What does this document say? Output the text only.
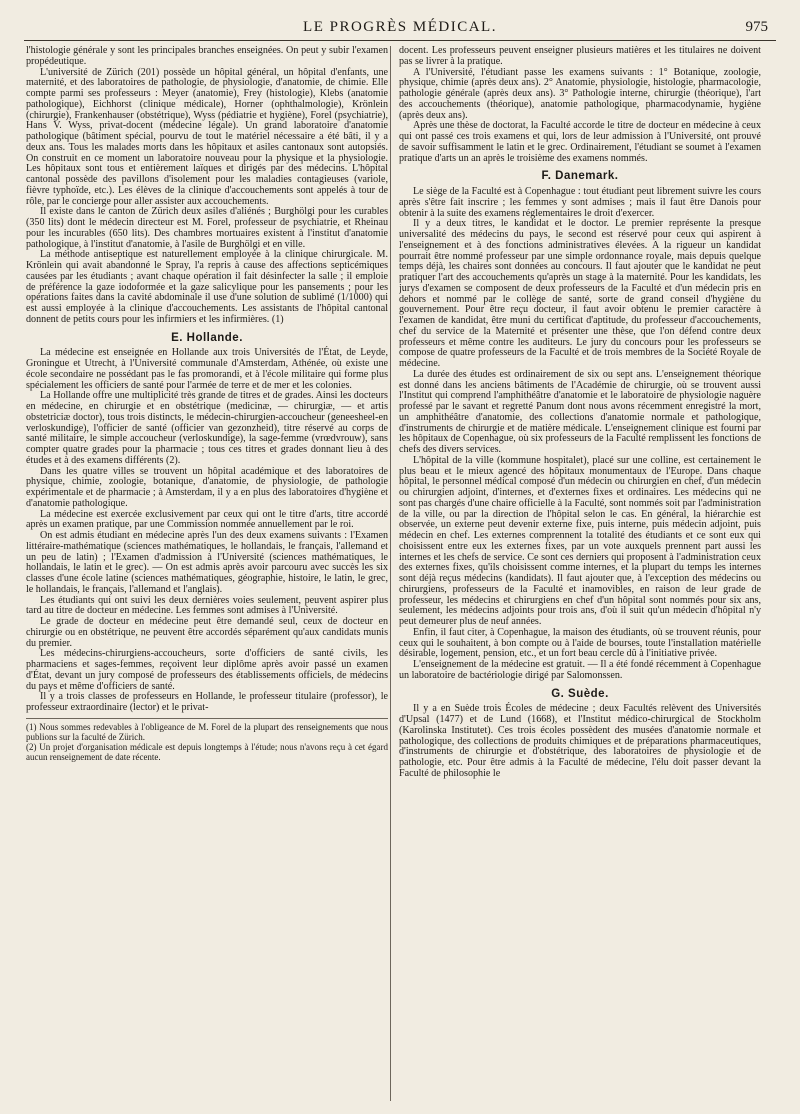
LE PROGRÈS MÉDICAL.	975

l'histologie générale y sont les principales branches enseignées. On peut y subir l'examen propédeutique.

L'université de Zürich (201) possède un hôpital général, un hôpital d'enfants, une maternité, et des laboratoires de pathologie, de physiologie, d'anatomie, de chimie. Elle compte parmi ses professeurs : Meyer (anatomie), Frey (histologie), Klebs (anatomie pathologique), Eichhorst (clinique médicale), Horner (ophthalmologie), Krönlein (chirurgie), Frankenhauser (obstétrique), Wyss (pédiatrie et hygiène), Forel (psychiatrie), Hans V. Wyss, privat-docent (médecine légale). Un grand laboratoire d'anatomie pathologique (bâtiment spécial, pourvu de tout le matériel nécessaire a été bâti, il y a deux ans. Tous les malades morts dans les hôpitaux et asiles cantonaux sont autopsiés. On construit en ce moment un laboratoire nouveau pour la physique et la physiologie. Les hôpitaux sont tous et entièrement laïques et dirigés par des médecins. L'hôpital cantonal possède des pavillons d'isolement pour les maladies contagieuses (variole, fièvre typhoïde, etc.). Les élèves de la clinique d'accouchements sont appelés à tour de rôle, par le concierge pour aller assister aux accouchements.

Il existe dans le canton de Zürich deux asiles d'aliénés ; Burghölgi pour les curables (350 lits) dont le médecin directeur est M. Forel, professeur de psychiatrie, et Rheinau pour les incurables (650 lits). Des chambres mortuaires existent à l'institut d'anatomie pathologique, à l'institut d'anatomie, à l'asile de Burghölgi et en ville.

La méthode antiseptique est naturellement employée à la clinique chirurgicale. M. Krönlein qui avait abandonné le Spray, l'a repris à cause des affections septicémiques causées par les étudiants ; avant chaque opération il fait désinfecter la salle ; il emploie de préférence la gaze iodoformée et la gaze salicylique pour les pansements ; pour les opérations faites dans la cavité abdominale il use d'une solution de sublimé (1/1000) qui est aussi employée à la clinique d'accouchements. Les assistants de l'hôpital cantonal donnent de petits cours pour les infirmiers et les infirmières. (1)

E. Hollande.

La médecine est enseignée en Hollande aux trois Universités de l'État, de Leyde, Groningue et Utrecht, à l'Université communale d'Amsterdam, Athénée, où existe une école secondaire ne possédant pas le fas promorandi, et à l'école militaire qui forme plus spécialement les officiers de santé pour l'armée de terre et de mer et les colonies.

La Hollande offre une multiplicité très grande de titres et de grades. Ainsi les docteurs en médecine, en chirurgie et en obstétrique (medicinæ, — chirurgiæ, — et artis obstetriciæ doctor), tous trois distincts, le médecin-chirurgien-accoucheur (geneesheel-en verloskundige), l'officier de santé (officier van gezonzheid), titre réservé au corps de santé militaire, le simple accoucheur (verloskundige), la sage-femme (vrœdvrouw), sans compter quatre grades pour la pharmacie ; tous ces titres et grades donnant lieu à des études et à des examens différents (2).

Dans les quatre villes se trouvent un hôpital académique et des laboratoires de physique, chimie, zoologie, botanique, d'anatomie, de physiologie, de pathologie expérimentale et de pharmacie ; à Amsterdam, il y a en plus des laboratoires d'hygiène et d'anatomie pathologique.

La médecine est exercée exclusivement par ceux qui ont le titre d'arts, titre accordé après un examen pratique, par une Commission nommée annuellement par le roi.

On est admis étudiant en médecine après l'un des deux examens suivants : l'Examen littéraire-mathématique (sciences mathématiques, le hollandais, le français, l'allemand et un peu de latin) ; l'Examen d'admission à l'Université (sciences mathématiques, le hollandais, le latin et le grec). — On est admis après avoir parcouru avec succès les six classes d'une école latine (sciences mathématiques, géographie, histoire, le latin, le grec, le hollandais, le français, l'allemand et l'anglais).

Les étudiants qui ont suivi les deux dernières voies seulement, peuvent aspirer plus tard au titre de docteur en médecine. Les femmes sont admises à l'Université.

Le grade de docteur en médecine peut être demandé seul, ceux de docteur en chirurgie ou en obstétrique, ne peuvent être accordés séparément qu'aux candidats munis du premier.

Les médecins-chirurgiens-accoucheurs, sorte d'officiers de santé civils, les pharmaciens et sages-femmes, reçoivent leur diplôme après avoir passé un examen d'État, devant un jury composé de professeurs des établissements officiels, de médecins du pays et même d'officiers de santé.

Il y a trois classes de professeurs en Hollande, le professeur titulaire (professor), le professeur extraordinaire (lector) et le privat-

(1) Nous sommes redevables à l'obligeance de M. Forel de la plupart des renseignements que nous publions sur la faculté de Zürich.

(2) Un projet d'organisation médicale est depuis longtemps à l'étude; nous n'avons reçu à cet égard aucun renseignement de date récente.

docent. Les professeurs peuvent enseigner plusieurs matières et les titulaires ne doivent pas se livrer à la pratique.

A l'Université, l'étudiant passe les examens suivants : 1° Botanique, zoologie, physique, chimie (après deux ans). 2° Anatomie, physiologie, histologie, pharmacologie, pathologie générale (après deux ans). 3° Pathologie interne, chirurgie (théorique), l'art des accouchements (théorique), anatomie pathologique, pharmacodynamie, hygiène (après deux ans).

Après une thèse de doctorat, la Faculté accorde le titre de docteur en médecine à ceux qui ont passé ces trois examens et qui, lors de leur admission à l'Université, ont prouvé de savoir suffisamment le latin et le grec. Ordinairement, l'étudiant se soumet à l'examen pratique d'arts un an après le troisième des examens nommés.

F. Danemark.

Le siège de la Faculté est à Copenhague : tout étudiant peut librement suivre les cours après s'être fait inscrire ; les femmes y sont admises ; mais il faut être Danois pour obtenir à la suite des examens réglementaires le droit d'exercer.

Il y a deux titres, le kandidat et le doctor. Le premier représente la presque universalité des médecins du pays, le second est réservé pour ceux qui aspirent à l'enseignement et à des fonctions administratives élevées. A la rigueur un kandidat pourrait être nommé professeur par une simple ordonnance royale, mais depuis quelque temps déjà, les chaires sont données au concours. Il faut ajouter que le kandidat ne peut pratiquer l'art des accouchements qu'après un stage à la maternité. Pour les kandidats, les jurys d'examen se composent de deux professeurs de la Faculté et d'un médecin pris en dehors et nommé par le collège de santé, sorte de grand conseil d'hygiène du gouvernement. Pour être reçu docteur, il faut avoir obtenu le premier caractère à l'examen de kandidat, être muni du certificat d'aptitude, du professeur d'accouchements, chef du service de la Maternité et présenter une thèse, que l'on défend contre deux professeurs et même contre les auditeurs. Le jury du concours pour les professeurs se compose de quatre professeurs de la Faculté et de trois membres de la Société Royale de médecine.

La durée des études est ordinairement de six ou sept ans. L'enseignement théorique est donné dans les anciens bâtiments de l'Académie de chirurgie, où se trouvent aussi l'Institut qui comprend l'amphithéâtre d'anatomie et le laboratoire de physiologie naguère professé par le savant et regretté Panum dont nous avons récemment enregistré la mort, un amphithéâtre d'anatomie, des collections d'anatomie normale et pathologique, d'instruments de chirurgie et de matière médicale. L'enseignement clinique est fourni par les hôpitaux de Copenhague, où six professeurs de la Faculté remplissent les fonctions de chefs des divers services.

L'hôpital de la ville (kommune hospitalet), placé sur une colline, est certainement le plus beau et le mieux agencé des hôpitaux monumentaux de l'Europe. Dans chaque hôpital, le personnel médical composé d'un médecin ou chirurgien en chef, d'un médecin ou chirurgien adjoint, d'internes, et d'externes fixes et ordinaires. Les médecins qui ne sont pas chargés d'une chaire officielle à la Faculté, sont nommés soit par l'administration de la ville, ou par la direction de l'hôpital selon le cas. En général, la hiérarchie est observée, un externe peut devenir externe fixe, puis interne, puis médecin adjoint, puis médecin en chef. Les externes comprennent la totalité des étudiants et ce sont eux qui choisissent entre eux les externes fixes, par un vote auxquels prennent part aussi les internes et les chefs de service. Ce sont ces derniers qui proposent à l'administration ceux des externes fixes, qu'ils choisissent comme internes, et la plupart du temps les internes sont déjà reçus médecins (kandidats). Il faut ajouter que, à l'exception des médecins ou chirurgiens, professeurs de la Faculté et inamovibles, en raison de leur grade de professeur, les médecins et chirurgiens en chef d'un hôpital sont nommés pour six ans, seulement, les médecins adjoints pour trois ans, d'où il suit qu'un médecin d'hôpital n'y peut demeurer plus de neuf années.

Enfin, il faut citer, à Copenhague, la maison des étudiants, où se trouvent réunis, pour ceux qui le souhaitent, à bon compte ou à l'aide de bourses, toute l'installation matérielle désirable, logement, pension, etc., et un fort beau cercle dû à l'initiative privée.

L'enseignement de la médecine est gratuit. — Il a été fondé récemment à Copenhague un laboratoire de bactériologie dirigé par Salomonssen.

G. Suède.

Il y a en Suède trois Écoles de médecine ; deux Facultés relèvent des Universités d'Upsal (1477) et de Lund (1668), et l'Institut médico-chirurgical de Stockholm (Karolinska Institutet). Ces trois écoles possèdent des musées d'anatomie normale et pathologique, des collections de produits chimiques et de préparations pharmaceutiques, d'instruments de chirurgie et d'obstétrique, des laboratoires de physiologie et de pathologie, etc. Pour être admis à la Faculté de médecine, l'élu doit passer devant la Faculté de philosophie le
